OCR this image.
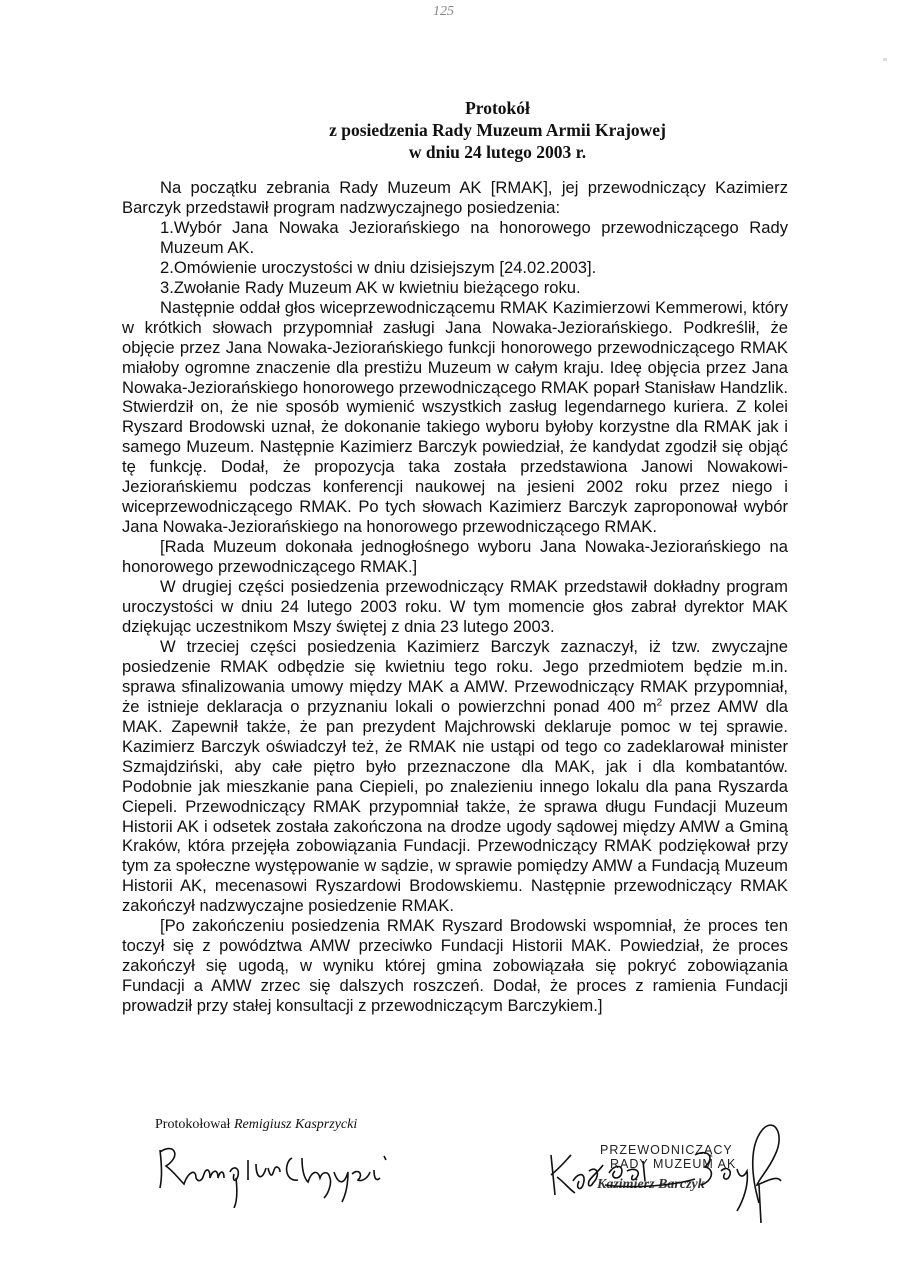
125
Protokół
z posiedzenia Rady Muzeum Armii Krajowej
w dniu 24 lutego 2003 r.

Na początku zebrania Rady Muzeum AK [RMAK], jej przewodniczący Kazimierz Barczyk przedstawił program nadzwyczajnego posiedzenia:

1.Wybór Jana Nowaka Jeziorańskiego na honorowego przewodniczącego Rady Muzeum AK.

2.Omówienie uroczystości w dniu dzisiejszym [24.02.2003].

3.Zwołanie Rady Muzeum AK w kwietniu bieżącego roku.

Następnie oddał głos wiceprzewodniczącemu RMAK Kazimierzowi Kemmerowi, który w krótkich słowach przypomniał zasługi Jana Nowaka-Jeziorańskiego. Podkreślił, że objęcie przez Jana Nowaka-Jeziorańskiego funkcji honorowego przewodniczącego RMAK miałoby ogromne znaczenie dla prestiżu Muzeum w całym kraju. Ideę objęcia przez Jana Nowaka-Jeziorańskiego honorowego przewodniczącego RMAK poparł Stanisław Handzlik. Stwierdził on, że nie sposób wymienić wszystkich zasług legendarnego kuriera. Z kolei Ryszard Brodowski uznał, że dokonanie takiego wyboru byłoby korzystne dla RMAK jak i samego Muzeum. Następnie Kazimierz Barczyk powiedział, że kandydat zgodził się objąć tę funkcję. Dodał, że propozycja taka została przedstawiona Janowi Nowakowi-Jeziorańskiemu podczas konferencji naukowej na jesieni 2002 roku przez niego i wiceprzewodniczącego RMAK. Po tych słowach Kazimierz Barczyk zaproponował wybór Jana Nowaka-Jeziorańskiego na honorowego przewodniczącego RMAK.

[Rada Muzeum dokonała jednogłośnego wyboru Jana Nowaka-Jeziorańskiego na honorowego przewodniczącego RMAK.]

W drugiej części posiedzenia przewodniczący RMAK przedstawił dokładny program uroczystości w dniu 24 lutego 2003 roku. W tym momencie głos zabrał dyrektor MAK dziękując uczestnikom Mszy świętej z dnia 23 lutego 2003.

W trzeciej części posiedzenia Kazimierz Barczyk zaznaczył, iż tzw. zwyczajne posiedzenie RMAK odbędzie się kwietniu tego roku. Jego przedmiotem będzie m.in. sprawa sfinalizowania umowy między MAK a AMW. Przewodniczący RMAK przypomniał, że istnieje deklaracja o przyznaniu lokali o powierzchni ponad 400 $m^2$ przez AMW dla MAK. Zapewnił także, że pan prezydent Majchrowski deklaruje pomoc w tej sprawie. Kazimierz Barczyk oświadczył też, że RMAK nie ustąpi od tego co zadeklarował minister Szmajdziński, aby całe piętro było przeznaczone dla MAK, jak i dla kombatantów. Podobnie jak mieszkanie pana Ciepieli, po znalezieniu innego lokalu dla pana Ryszarda Ciepeli. Przewodniczący RMAK przypomniał także, że sprawa długu Fundacji Muzeum Historii AK i odsetek została zakończona na drodze ugody sądowej między AMW a Gminą Kraków, która przejęła zobowiązania Fundacji. Przewodniczący RMAK podziękował przy tym za społeczne występowanie w sądzie, w sprawie pomiędzy AMW a Fundacją Muzeum Historii AK, mecenasowi Ryszardowi Brodowskiemu. Następnie przewodniczący RMAK zakończył nadzwyczajne posiedzenie RMAK.

[Po zakończeniu posiedzenia RMAK Ryszard Brodowski wspomniał, że proces ten toczył się z powództwa AMW przeciwko Fundacji Historii MAK. Powiedział, że proces zakończył się ugodą, w wyniku której gmina zobowiązała się pokryć zobowiązania Fundacji a AMW zrzec się dalszych roszczeń. Dodał, że proces z ramienia Fundacji prowadził przy stałej konsultacji z przewodniczącym Barczykiem.]

Protokołował Remigiusz Kasprzycki
PRZEWODNICZĄCY
RADY MUZEUM AK
Kazimierz Barczyk
